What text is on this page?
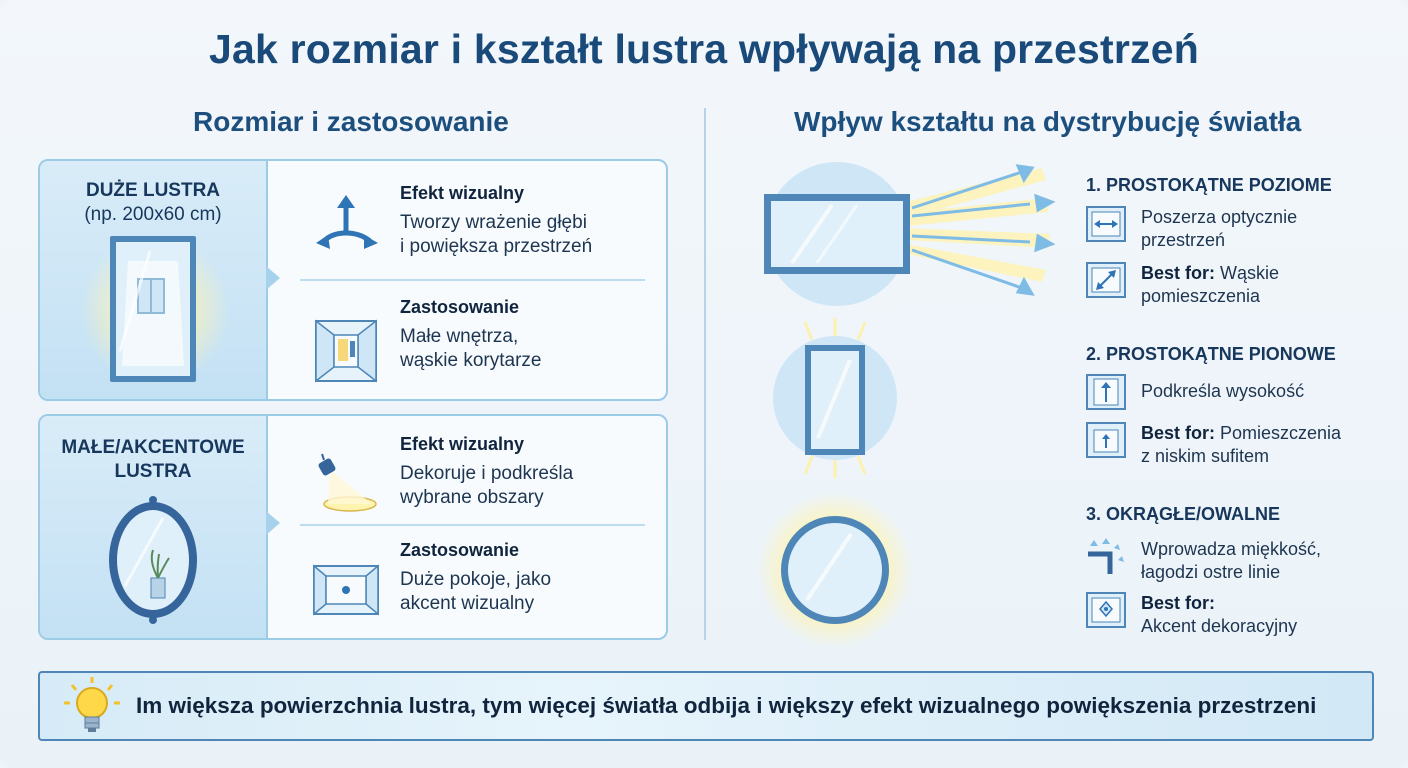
Jak rozmiar i kształt lustra wpływają na przestrzeń
Rozmiar i zastosowanie
DUŻE LUSTRA
(np. 200x60 cm)
Efekt wizualny
Tworzy wrażenie głębi
i powiększa przestrzeń
Zastosowanie
Małe wnętrza,
wąskie korytarze
MAŁE/AKCENTOWE
LUSTRA
Efekt wizualny
Dekoruje i podkreśla
wybrane obszary
Zastosowanie
Duże pokoje, jako
akcent wizualny
Wpływ kształtu na dystrybucję światła
1. PROSTOKĄTNE POZIOME
Poszerza optycznie
przestrzeń
Best for: Wąskie
pomieszczenia
2. PROSTOKĄTNE PIONOWE
Podkreśla wysokość
Best for: Pomieszczenia
z niskim sufitem
3. OKRĄGŁE/OWALNE
Wprowadza miękkość,
łagodzi ostre linie
Best for:
Akcent dekoracyjny
Im większa powierzchnia lustra, tym więcej światła odbija i większy efekt wizualnego powiększenia przestrzeni
